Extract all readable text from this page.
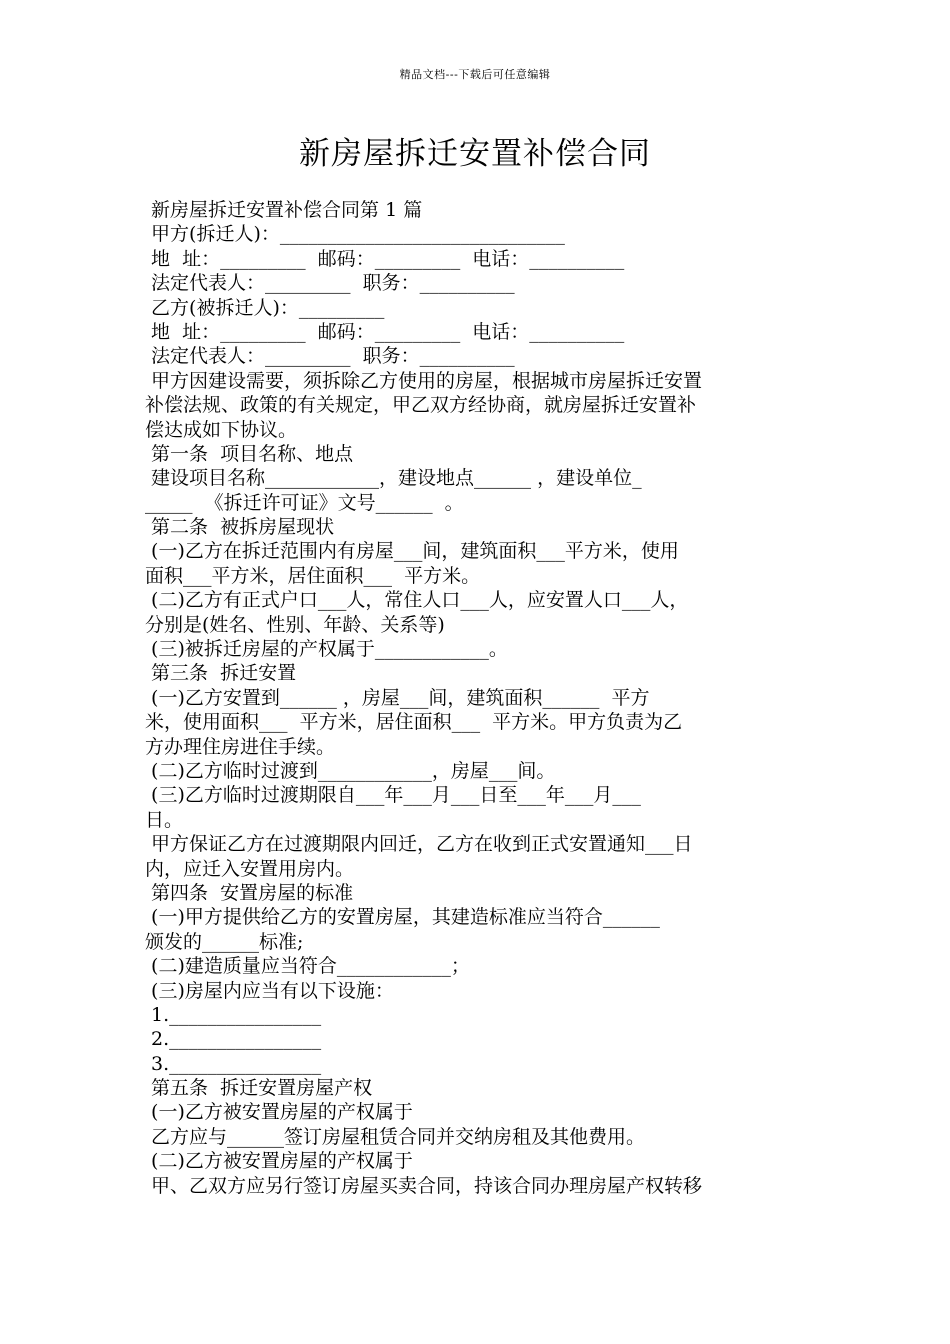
精品文档---下载后可任意编辑
新房屋拆迁安置补偿合同
新房屋拆迁安置补偿合同第 1 篇
甲方(拆迁人)：______________________________
地  址：_________  邮码：_________  电话：__________
法定代表人：_________  职务：__________
乙方(被拆迁人)：_________
地  址：_________  邮码：_________  电话：__________
法定代表人：_________  职务：__________
甲方因建设需要，须拆除乙方使用的房屋，根据城市房屋拆迁安置
补偿法规、政策的有关规定，甲乙双方经协商，就房屋拆迁安置补
偿达成如下协议。
第一条  项目名称、地点
建设项目名称____________，建设地点______ ，建设单位_
_____  《拆迁许可证》文号______  。
第二条  被拆房屋现状
(一)乙方在拆迁范围内有房屋___间，建筑面积___平方米，使用
面积___平方米，居住面积___  平方米。
(二)乙方有正式户口___人，常住人口___人，应安置人口___人，
分别是(姓名、性别、年龄、关系等)
(三)被拆迁房屋的产权属于____________。
第三条  拆迁安置
(一)乙方安置到______ ，房屋___间，建筑面积______  平方
米，使用面积___  平方米，居住面积___  平方米。甲方负责为乙
方办理住房进住手续。
(二)乙方临时过渡到____________，房屋___间。
(三)乙方临时过渡期限自___年___月___日至___年___月___
日。
甲方保证乙方在过渡期限内回迁，乙方在收到正式安置通知___日
内，应迁入安置用房内。
第四条  安置房屋的标准
(一)甲方提供给乙方的安置房屋，其建造标准应当符合______
颁发的______标准;
(二)建造质量应当符合____________；
(三)房屋内应当有以下设施：
1.________________
2.________________
3.________________
第五条  拆迁安置房屋产权
(一)乙方被安置房屋的产权属于
乙方应与______签订房屋租赁合同并交纳房租及其他费用。
(二)乙方被安置房屋的产权属于
甲、乙双方应另行签订房屋买卖合同，持该合同办理房屋产权转移
